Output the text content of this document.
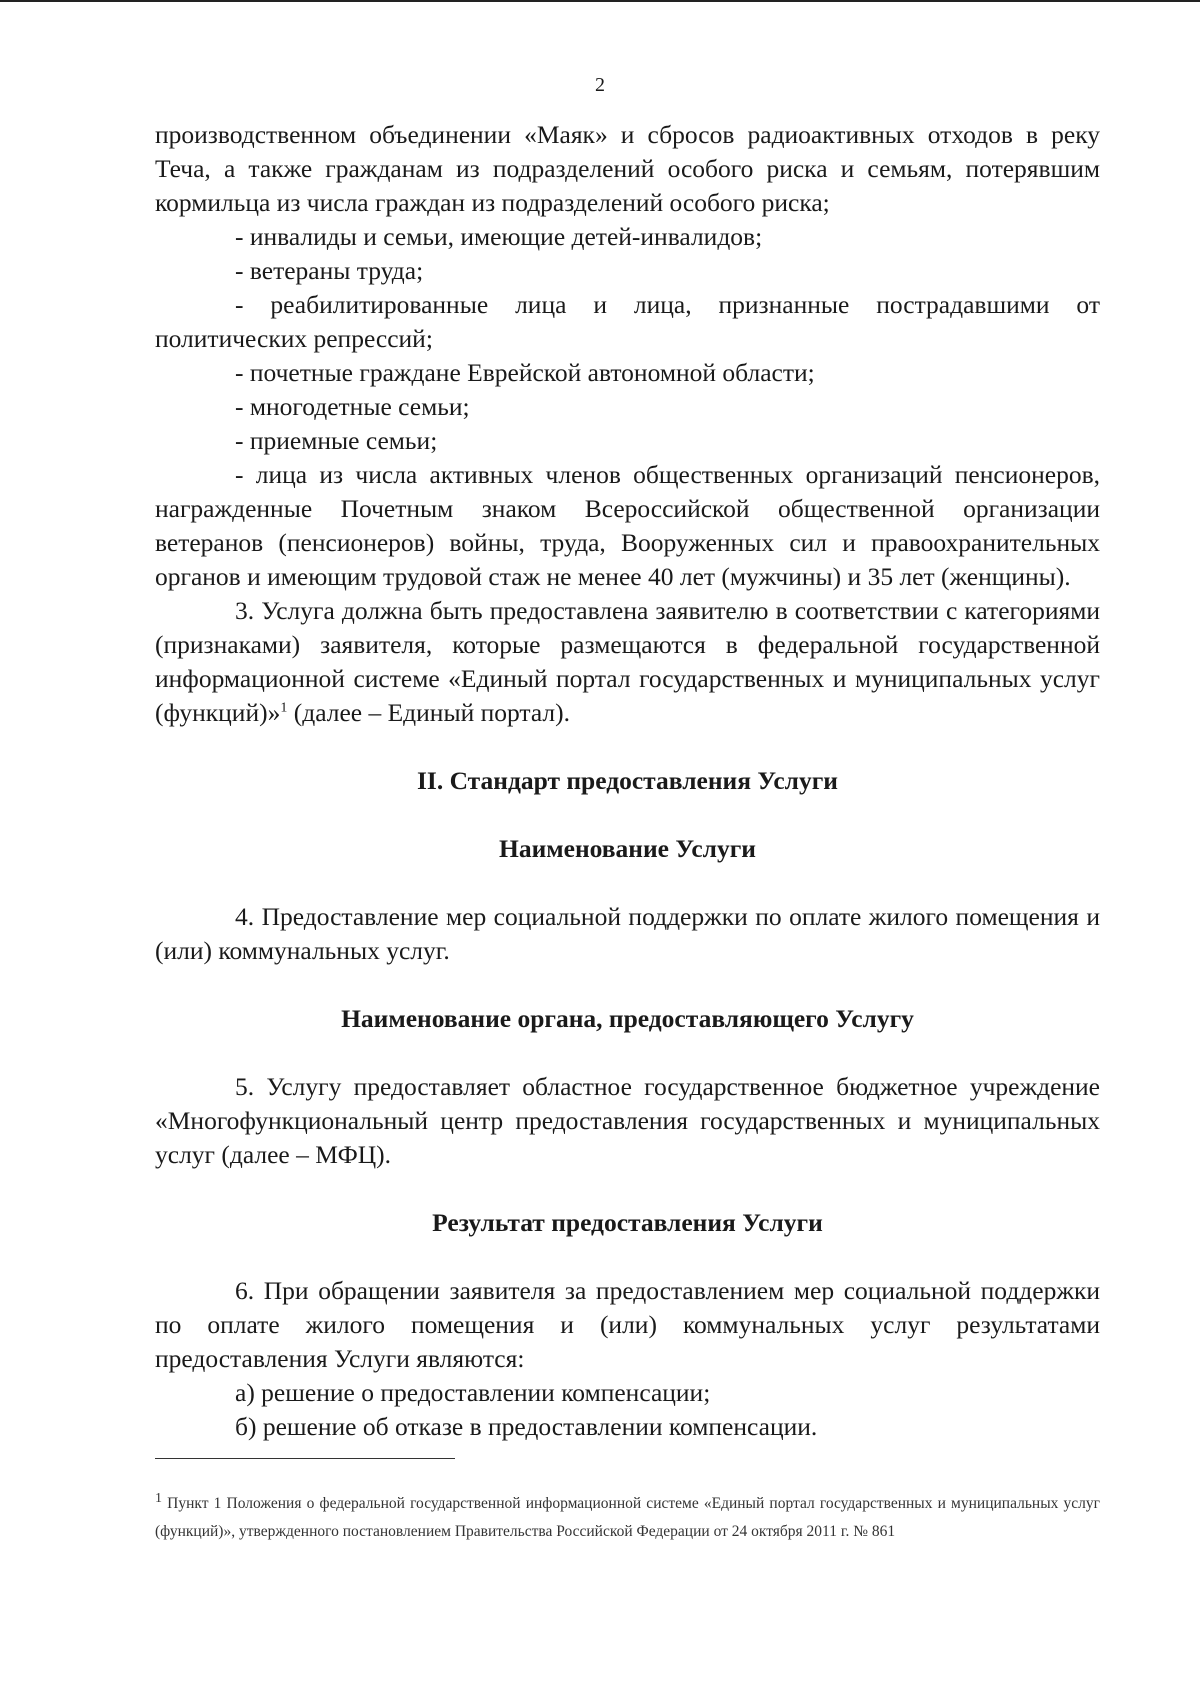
2

производственном объединении «Маяк» и сбросов радиоактивных отходов в реку Теча, а также гражданам из подразделений особого риска и семьям, потерявшим кормильца из числа граждан из подразделений особого риска;

- инвалиды и семьи, имеющие детей-инвалидов;

- ветераны труда;

- реабилитированные лица и лица, признанные пострадавшими от политических репрессий;

- почетные граждане Еврейской автономной области;

- многодетные семьи;

- приемные семьи;

- лица из числа активных членов общественных организаций пенсионеров, награжденные Почетным знаком Всероссийской общественной организации ветеранов (пенсионеров) войны, труда, Вооруженных сил и правоохранительных органов и имеющим трудовой стаж не менее 40 лет (мужчины) и 35 лет (женщины).

3. Услуга должна быть предоставлена заявителю в соответствии с категориями (признаками) заявителя, которые размещаются в федеральной государственной информационной системе «Единый портал государственных и муниципальных услуг (функций)»$^1$ (далее – Единый портал).

II. Стандарт предоставления Услуги
Наименование Услуги

4. Предоставление мер социальной поддержки по оплате жилого помещения и (или) коммунальных услуг.

Наименование органа, предоставляющего Услугу

5. Услугу предоставляет областное государственное бюджетное учреждение «Многофункциональный центр предоставления государственных и муниципальных услуг (далее – МФЦ).

Результат предоставления Услуги

6. При обращении заявителя за предоставлением мер социальной поддержки по оплате жилого помещения и (или) коммунальных услуг результатами предоставления Услуги являются:

а) решение о предоставлении компенсации;

б) решение об отказе в предоставлении компенсации.

$^1$ Пункт 1 Положения о федеральной государственной информационной системе «Единый портал государственных и муниципальных услуг (функций)», утвержденного постановлением Правительства Российской Федерации от 24 октября 2011 г. № 861
